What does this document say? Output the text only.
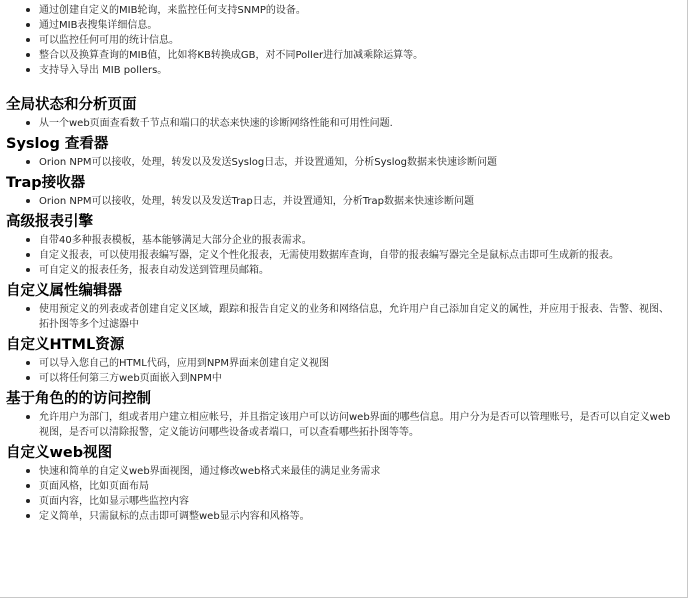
通过创建自定义的MIB轮询，来监控任何支持SNMP的设备。
通过MIB表搜集详细信息。
可以监控任何可用的统计信息。
整合以及换算查询的MIB值，比如将KB转换成GB，对不同Poller进行加减乘除运算等。
支持导入导出 MIB pollers。
全局状态和分析页面
从一个web页面查看数千节点和端口的状态来快速的诊断网络性能和可用性问题.
Syslog 查看器
Orion NPM可以接收，处理，转发以及发送Syslog日志，并设置通知，分析Syslog数据来快速诊断问题
Trap接收器
Orion NPM可以接收，处理，转发以及发送Trap日志，并设置通知，分析Trap数据来快速诊断问题
高级报表引擎
自带40多种报表模板，基本能够满足大部分企业的报表需求。
自定义报表，可以使用报表编写器，定义个性化报表，无需使用数据库查询，自带的报表编写器完全是鼠标点击即可生成新的报表。
可自定义的报表任务，报表自动发送到管理员邮箱。
自定义属性编辑器
使用预定义的列表或者创建自定义区域，跟踪和报告自定义的业务和网络信息，允许用户自己添加自定义的属性，并应用于报表、告警、视图、拓扑图等多个过滤器中
自定义HTML资源
可以导入您自己的HTML代码，应用到NPM界面来创建自定义视图
可以将任何第三方web页面嵌入到NPM中
基于角色的的访问控制
允许用户为部门，组或者用户建立相应帐号，并且指定该用户可以访问web界面的哪些信息。用户分为是否可以管理账号，是否可以自定义web视图，是否可以清除报警，定义能访问哪些设备或者端口，可以查看哪些拓扑图等等。
自定义web视图
快速和简单的自定义web界面视图，通过修改web格式来最佳的满足业务需求
页面风格，比如页面布局
页面内容，比如显示哪些监控内容
定义简单，只需鼠标的点击即可调整web显示内容和风格等。
